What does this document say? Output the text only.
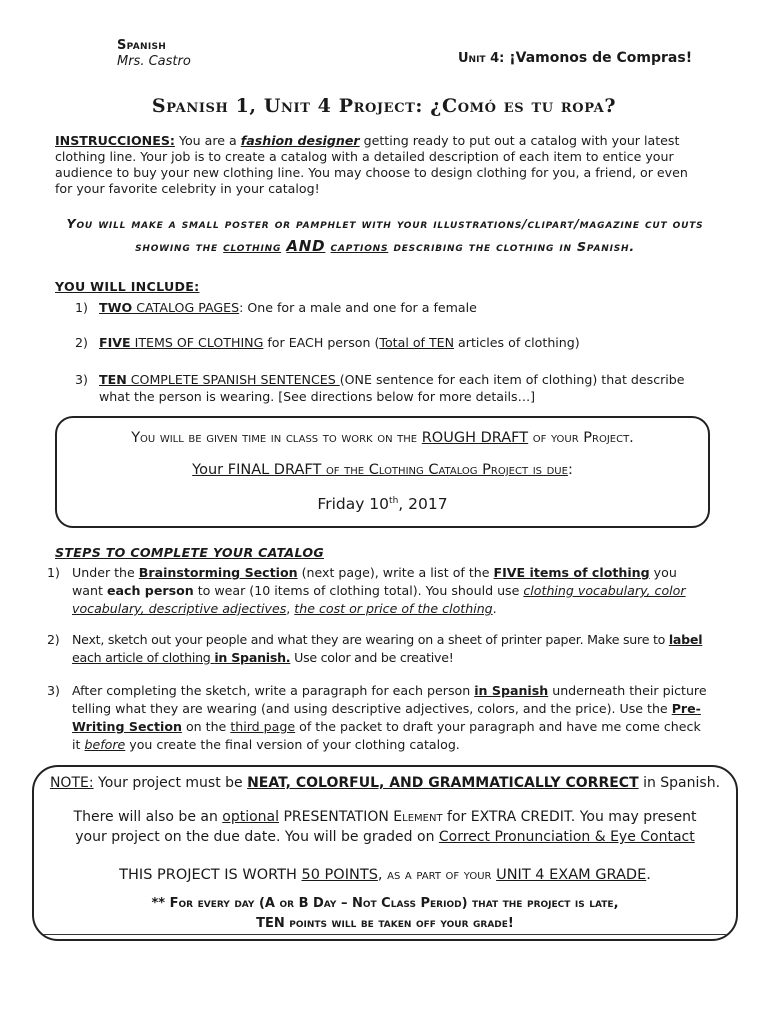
Spanish
Mrs. Castro	Unit 4: ¡Vamonos de Compras!
Spanish 1, Unit 4 Project: ¿Comó es tu ropa?
INSTRUCCIONES: You are a fashion designer getting ready to put out a catalog with your latest clothing line. Your job is to create a catalog with a detailed description of each item to entice your audience to buy your new clothing line. You may choose to design clothing for you, a friend, or even for your favorite celebrity in your catalog!
You will make a small poster or pamphlet with your illustrations/clipart/magazine cut outs showing the clothing AND captions describing the clothing in Spanish.
YOU WILL INCLUDE:
1) TWO CATALOG PAGES: One for a male and one for a female
2) FIVE ITEMS OF CLOTHING for EACH person (Total of TEN articles of clothing)
3) TEN COMPLETE SPANISH SENTENCES (ONE sentence for each item of clothing) that describe
what the person is wearing. [See directions below for more details…]
You will be given time in class to work on the ROUGH DRAFT of your Project.
Your FINAL DRAFT of the Clothing Catalog Project is due:
Friday 10th, 2017
STEPS TO COMPLETE YOUR CATALOG
1) Under the Brainstorming Section (next page), write a list of the FIVE items of clothing you want each person to wear (10 items of clothing total). You should use clothing vocabulary, color vocabulary, descriptive adjectives, the cost or price of the clothing.
2) Next, sketch out your people and what they are wearing on a sheet of printer paper. Make sure to label each article of clothing in Spanish. Use color and be creative!
3) After completing the sketch, write a paragraph for each person in Spanish underneath their picture telling what they are wearing (and using descriptive adjectives, colors, and the price). Use the Pre-Writing Section on the third page of the packet to draft your paragraph and have me come check it before you create the final version of your clothing catalog.
NOTE: Your project must be NEAT, COLORFUL, AND GRAMMATICALLY CORRECT in Spanish.
There will also be an optional PRESENTATION Element for EXTRA CREDIT. You may present
your project on the due date. You will be graded on Correct Pronunciation & Eye Contact
THIS PROJECT IS WORTH 50 POINTS, as a part of your UNIT 4 EXAM GRADE.
** For every day (A or B Day – Not Class Period) that the project is late,
TEN points will be taken off your grade!
